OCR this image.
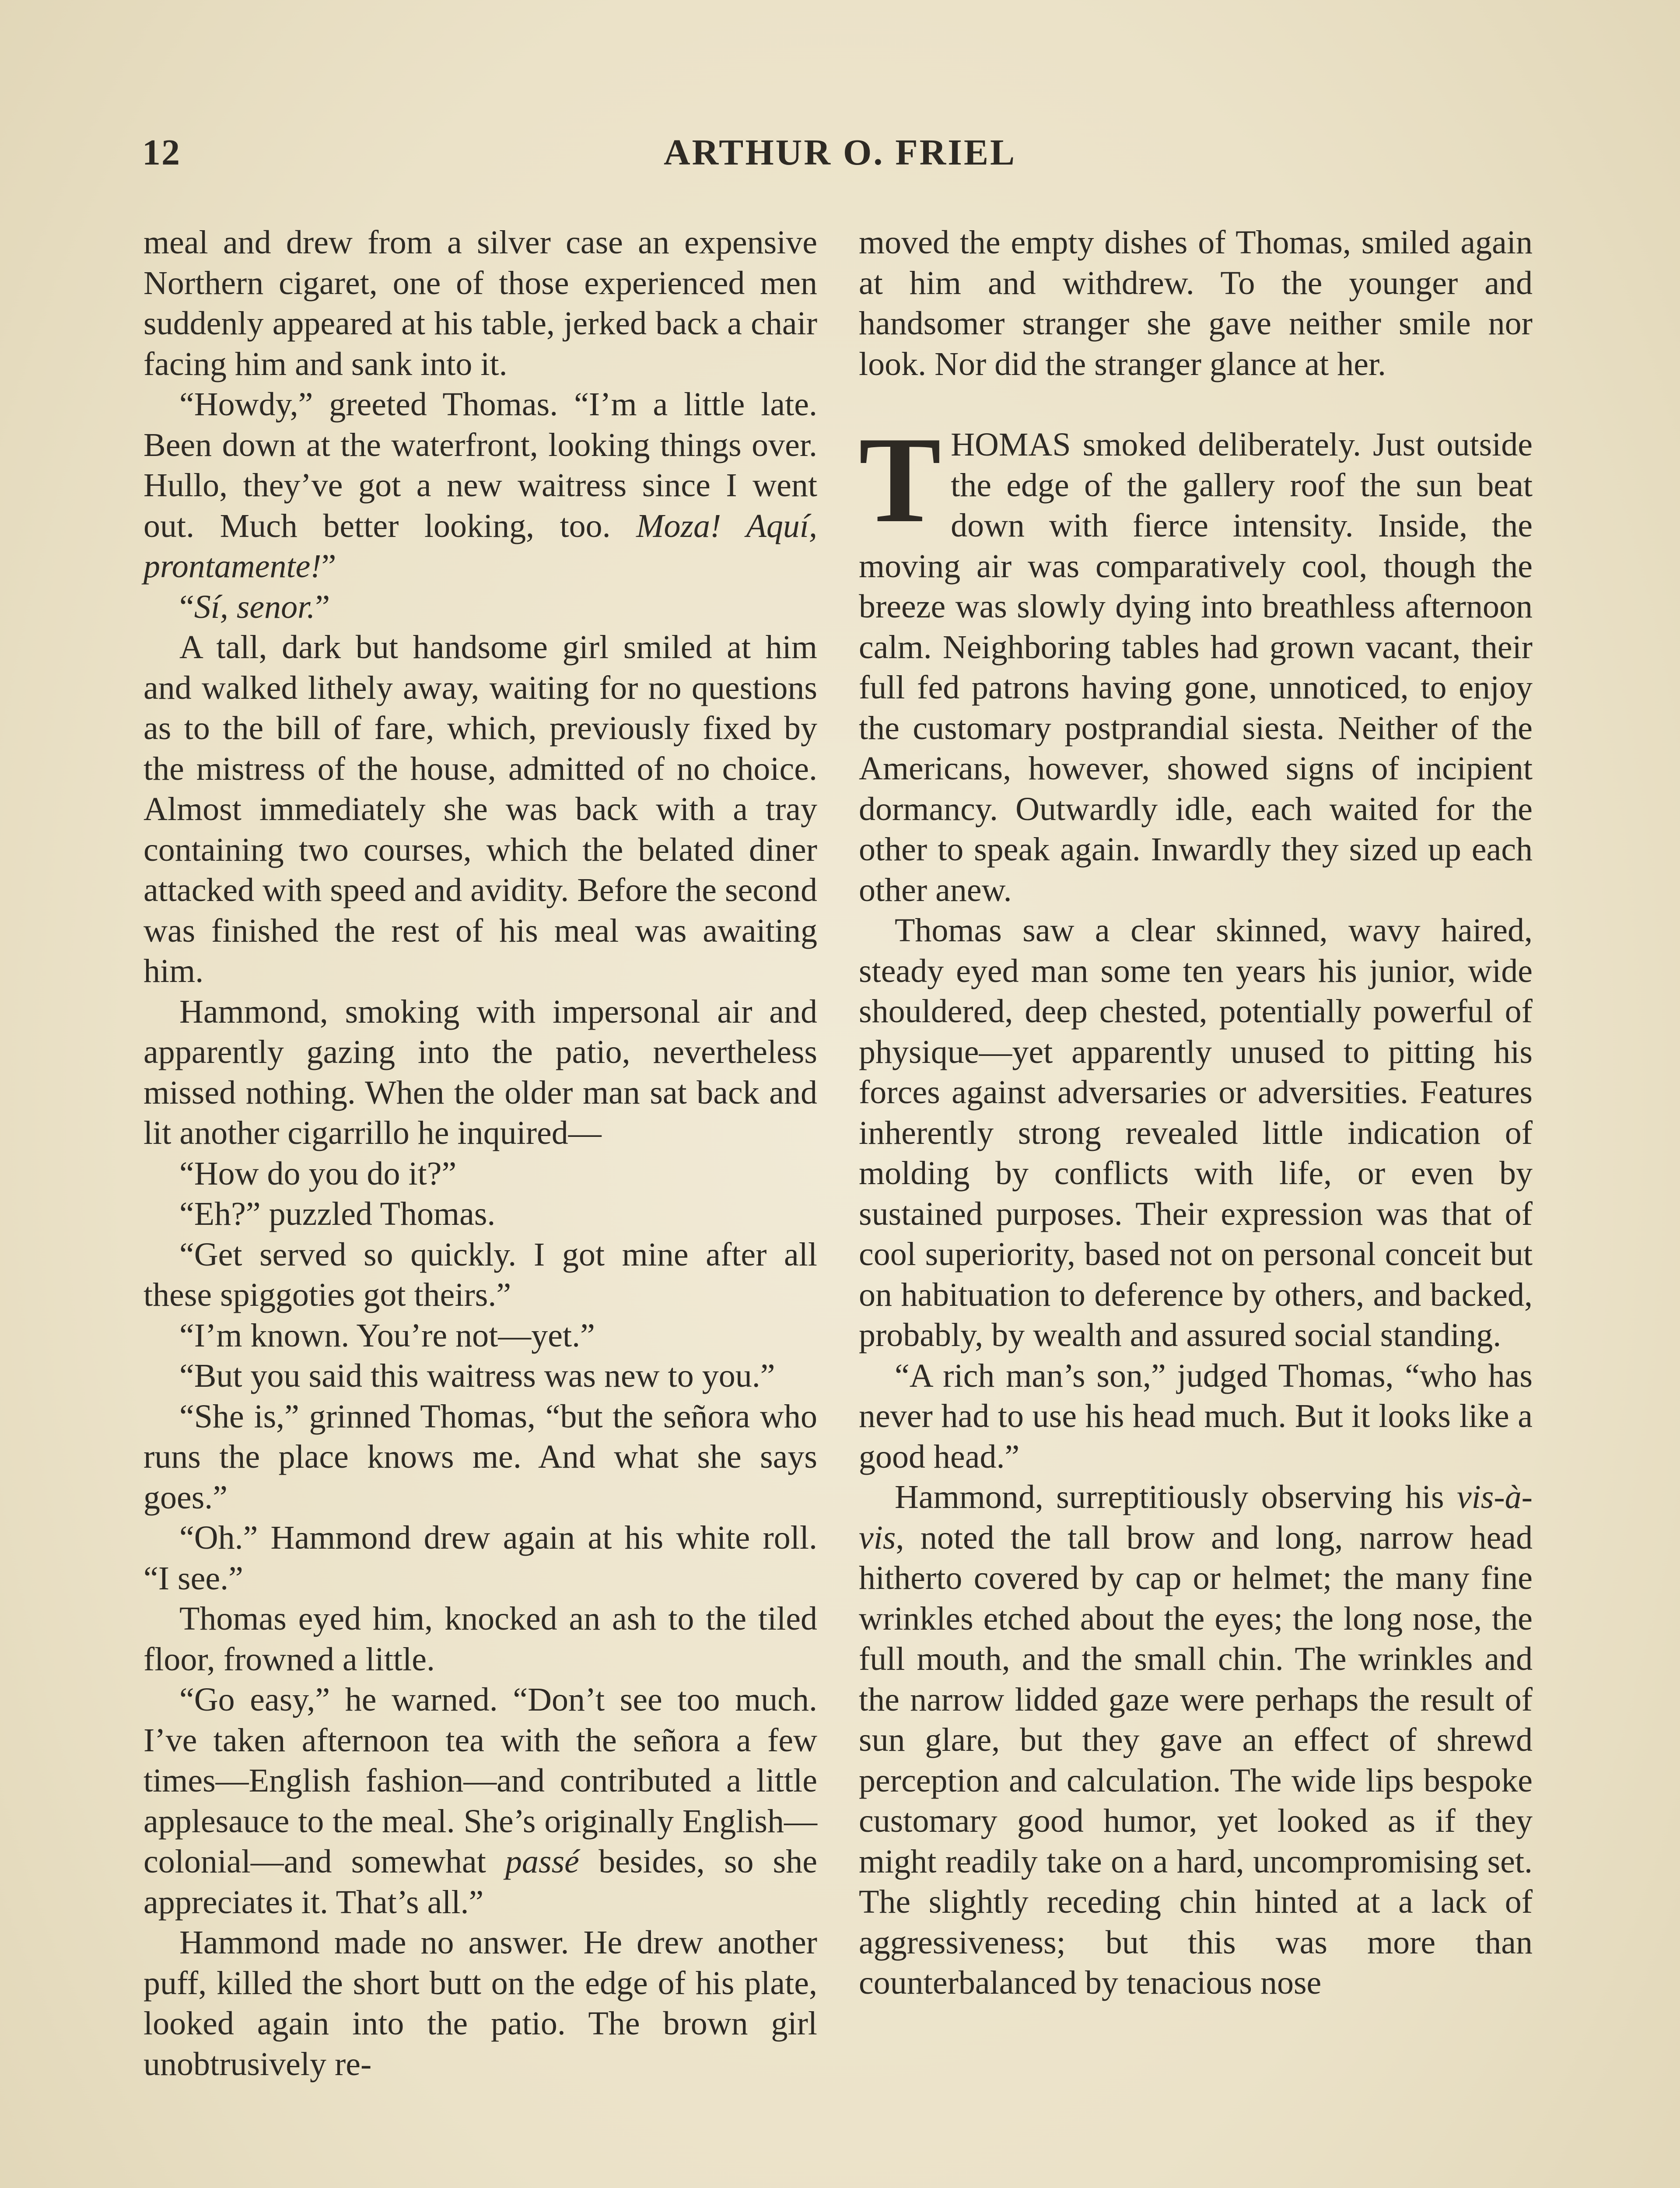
12	ARTHUR O. FRIEL

meal and drew from a silver case an expensive Northern cigaret, one of those experienced men suddenly appeared at his table, jerked back a chair facing him and sank into it.

“Howdy,” greeted Thomas. “I’m a little late. Been down at the waterfront, looking things over. Hullo, they’ve got a new waitress since I went out. Much better looking, too. Moza! Aquí, prontamente!”

“Sí, senor.”

A tall, dark but handsome girl smiled at him and walked lithely away, waiting for no questions as to the bill of fare, which, previously fixed by the mistress of the house, admitted of no choice. Almost immediately she was back with a tray containing two courses, which the belated diner attacked with speed and avidity. Before the second was finished the rest of his meal was awaiting him.

Hammond, smoking with impersonal air and apparently gazing into the patio, nevertheless missed nothing. When the older man sat back and lit another cigarrillo he inquired—

“How do you do it?”

“Eh?” puzzled Thomas.

“Get served so quickly. I got mine after all these spiggoties got theirs.”

“I’m known. You’re not—yet.”

“But you said this waitress was new to you.”

“She is,” grinned Thomas, “but the señora who runs the place knows me. And what she says goes.”

“Oh.” Hammond drew again at his white roll. “I see.”

Thomas eyed him, knocked an ash to the tiled floor, frowned a little.

“Go easy,” he warned. “Don’t see too much. I’ve taken afternoon tea with the señora a few times—English fashion—and contributed a little applesauce to the meal. She’s originally English—colonial—and somewhat passé besides, so she appreciates it. That’s all.”

Hammond made no answer. He drew another puff, killed the short butt on the edge of his plate, looked again into the patio. The brown girl unobtrusively re-

moved the empty dishes of Thomas, smiled again at him and withdrew. To the younger and handsomer stranger she gave neither smile nor look. Nor did the stranger glance at her.

THOMAS smoked deliberately. Just outside the edge of the gallery roof the sun beat down with fierce intensity. Inside, the moving air was comparatively cool, though the breeze was slowly dying into breathless afternoon calm. Neighboring tables had grown vacant, their full fed patrons having gone, unnoticed, to enjoy the customary postprandial siesta. Neither of the Americans, however, showed signs of incipient dormancy. Outwardly idle, each waited for the other to speak again. Inwardly they sized up each other anew.

Thomas saw a clear skinned, wavy haired, steady eyed man some ten years his junior, wide shouldered, deep chested, potentially powerful of physique—yet apparently unused to pitting his forces against adversaries or adversities. Features inherently strong revealed little indication of molding by conflicts with life, or even by sustained purposes. Their expression was that of cool superiority, based not on personal conceit but on habituation to deference by others, and backed, probably, by wealth and assured social standing.

“A rich man’s son,” judged Thomas, “who has never had to use his head much. But it looks like a good head.”

Hammond, surreptitiously observing his vis-à-vis, noted the tall brow and long, narrow head hitherto covered by cap or helmet; the many fine wrinkles etched about the eyes; the long nose, the full mouth, and the small chin. The wrinkles and the narrow lidded gaze were perhaps the result of sun glare, but they gave an effect of shrewd perception and calculation. The wide lips bespoke customary good humor, yet looked as if they might readily take on a hard, uncompromising set. The slightly receding chin hinted at a lack of aggressiveness; but this was more than counterbalanced by tenacious nose
